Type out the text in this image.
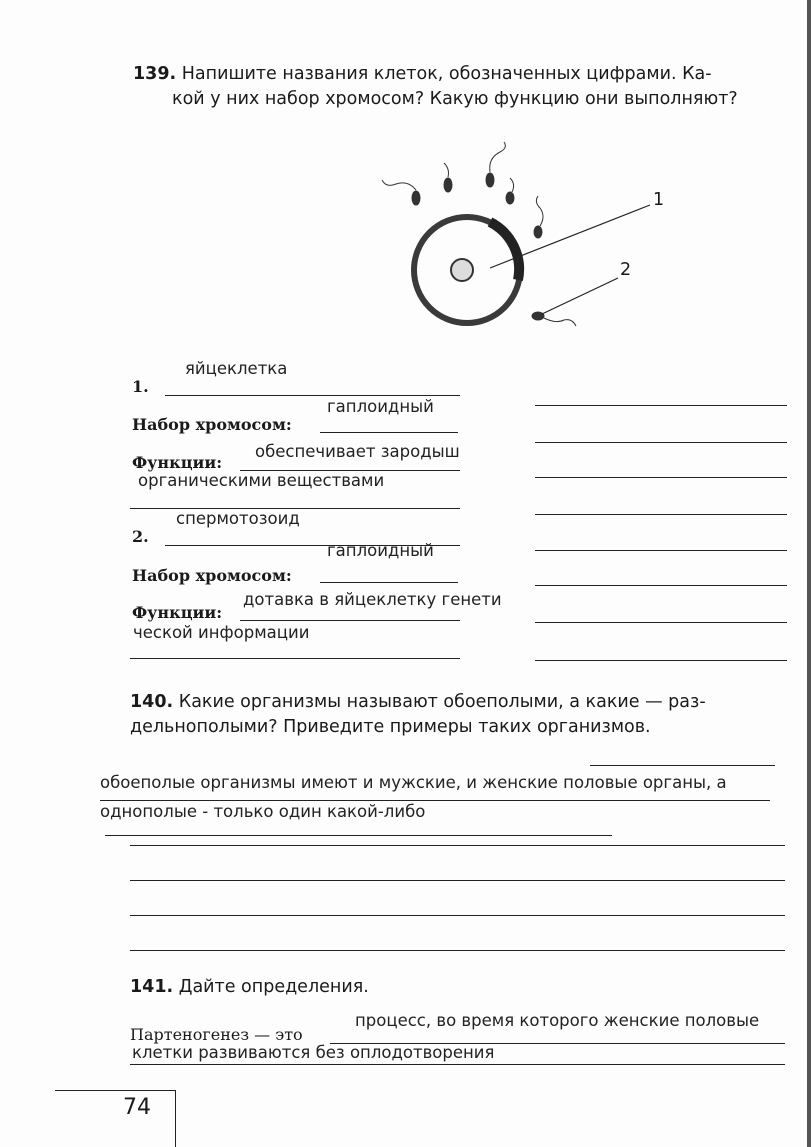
139. Напишите названия клеток, обозначенных цифрами. Ка-
кой у них набор хромосом? Какую функцию они выполняют?
1
2
яйцеклетка
1.
гаплоидный
Набор хромосом:
обеспечивает зародыш
Функции:
органическими веществами
спермотозоид
2.
гаплоидный
Набор хромосом:
дотавка в яйцеклетку генети
Функции:
ческой информации
140. Какие организмы называют обоеполыми, а какие — раз-
дельнополыми? Приведите примеры таких организмов.
обоеполые организмы имеют и мужские, и женские половые органы, а
однополые - только один какой-либо
141. Дайте определения.
процесс, во время которого женские половые
Партеногенез — это
клетки развиваются без оплодотворения
74
